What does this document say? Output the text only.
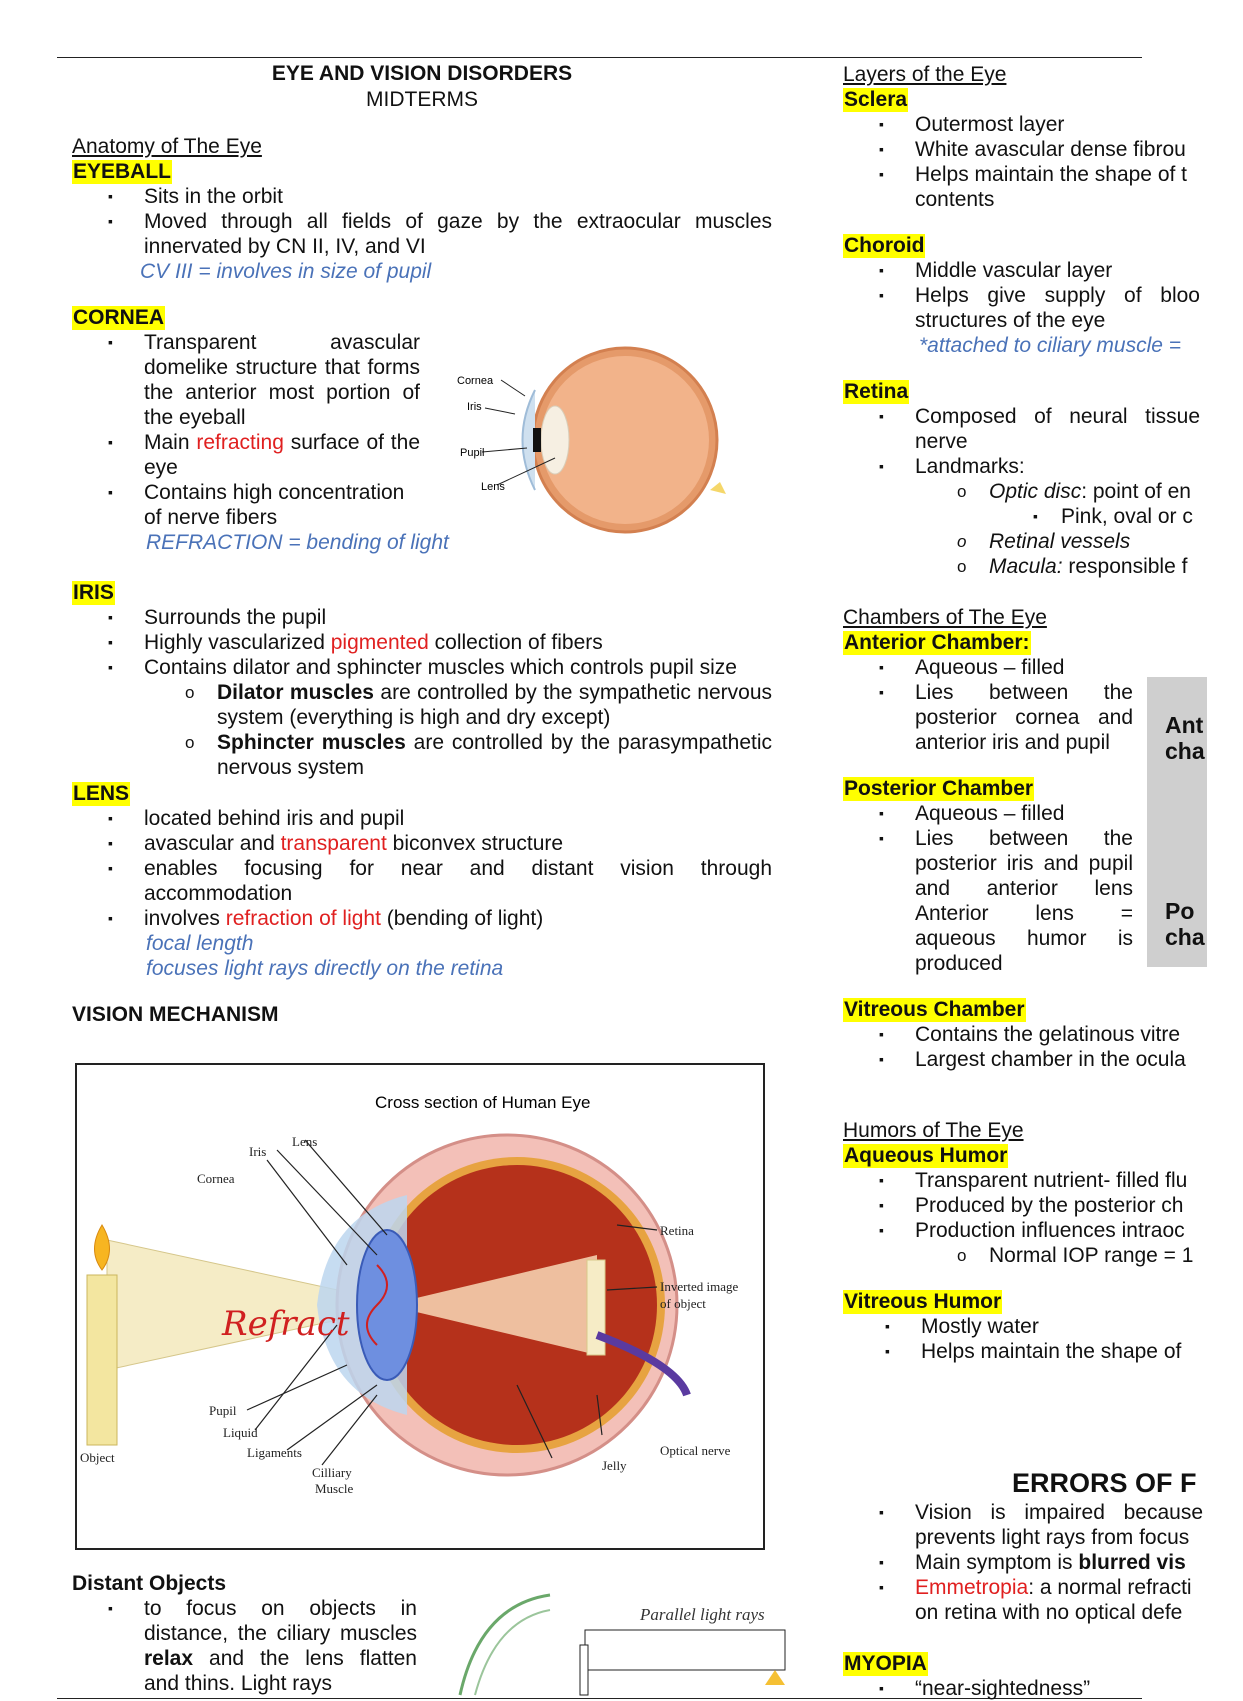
EYE AND VISION DISORDERS
MIDTERMS
Anatomy of The Eye
EYEBALL
▪ Sits in the orbit
▪ Moved through all fields of gaze by the extraocular muscles innervated by CN II, IV, and VI
CV III = involves in size of pupil
CORNEA
▪ Transparent avascular domelike structure that forms the anterior most portion of the eyeball
▪ Main refracting surface of the eye
▪ Contains high concentration of nerve fibers
REFRACTION = bending of light
IRIS
▪ Surrounds the pupil
▪ Highly vascularized pigmented collection of fibers
▪ Contains dilator and sphincter muscles which controls pupil size
o Dilator muscles are controlled by the sympathetic nervous system (everything is high and dry except)
o Sphincter muscles are controlled by the parasympathetic nervous system
LENS
▪ located behind iris and pupil
▪ avascular and transparent biconvex structure
▪ enables focusing for near and distant vision through accommodation
▪ involves refraction of light (bending of light)
focal length
focuses light rays directly on the retina
VISION MECHANISM
Cornea
Iris
Pupil
Lens
Cross section of Human Eye
Iris
Lens
Cornea
Retina
Inverted image
of object
Pupil
Liquid
Ligaments
Cilliary
Muscle
Jelly
Optical nerve
Object
Refract
Distant Objects
▪ to focus on objects in distance, the ciliary muscles relax and the lens flatten and thins. Light rays
Parallel light rays
Layers of the Eye
Sclera
▪ Outermost layer
▪ White avascular dense fibrou
▪ Helps maintain the shape of t contents
Choroid
▪ Middle vascular layer
▪ Helps give supply of bloo structures of the eye
*attached to ciliary muscle =
Retina
▪ Composed of neural tissue nerve
▪ Landmarks:
o Optic disc: point of en
▪ Pink, oval or c
o Retinal vessels
o Macula: responsible f
Chambers of The Eye
Anterior Chamber:
▪ Aqueous – filled
▪ Lies between the posterior cornea and anterior iris and pupil
Posterior Chamber
▪ Aqueous – filled
▪ Lies between the posterior iris and pupil and anterior lens Anterior lens = aqueous humor is produced
Vitreous Chamber
▪ Contains the gelatinous vitre
▪ Largest chamber in the ocula
Humors of The Eye
Aqueous Humor
▪ Transparent nutrient- filled flu
▪ Produced by the posterior ch
▪ Production influences intraoc
o Normal IOP range = 1
Vitreous Humor
▪ Mostly water
▪ Helps maintain the shape of
Ant
cha
Po
cha
ERRORS OF F
▪ Vision is impaired because prevents light rays from focus
▪ Main symptom is blurred vis
▪ Emmetropia: a normal refracti on retina with no optical defe
MYOPIA
▪ “near-sightedness”
